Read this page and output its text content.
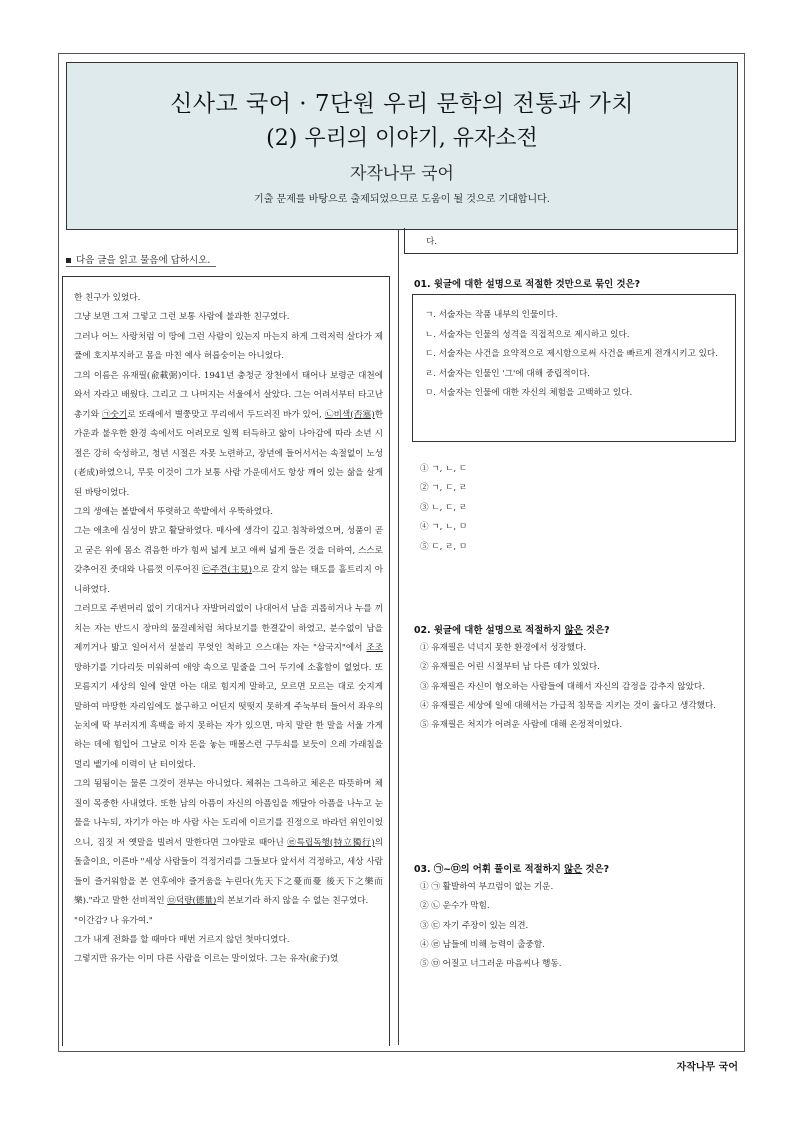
신사고 국어 · 7단원 우리 문학의 전통과 가치
(2) 우리의 이야기, 유자소전
자작나무 국어
기출 문제를 바탕으로 출제되었으므로 도움이 될 것으로 기대합니다.
다음 글을 읽고 물음에 답하시오.

한 친구가 있었다.

그냥 보면 그저 그렇고 그런 보통 사람에 불과한 친구였다.

그러나 어느 사랑처럼 이 땅에 그런 사람이 있는지 마는지 하게 그럭저럭 살다가 제풀에 호지부지하고 몸을 마친 예사 허릅숭이는 아니었다.

그의 이름은 유재필(兪載弼)이다. 1941년 충청군 장천에서 태어나 보령군 대천에 와서 자라고 배웠다. 그리고 그 나머지는 서울에서 살았다. 그는 어려서부터 타고난 총기와 ㉠숫기로 또래에서 별쭝맞고 무리에서 두드러진 바가 있어, ㉡비색(否塞)한 가운과 불우한 환경 속에서도 어려모로 일찍 터득하고 앎이 나아감에 따라 소년 시절은 강히 숙성하고, 청년 시절은 자못 노련하고, 장년에 들어서서는 속절없이 노성(老成)하였으니, 무릇 이것이 그가 보통 사람 가운데서도 항상 깨어 있는 삶을 살게 된 바탕이었다.

그의 생애는 볼밭에서 뚜렷하고 쑥밭에서 우뚝하였다.

그는 애초에 심성이 밝고 활달하였다. 매사에 생각이 깊고 침착하였으며, 성품이 곧고 굳은 위에 몸소 겪음한 바가 힘써 넓게 보고 애써 넓게 들은 것을 더하여, 스스로 갖추어진 줏대와 나름껏 이루어진 ㉢주견(主見)으로 갈지 않는 태도를 흩트리지 아니하였다.

그러므로 주변머리 없이 기대거나 자발머리없이 나대어서 남을 괴롭히거나 누를 끼치는 자는 반드시 장마의 물걸레처럼 쳐다보기를 한결같이 하였고, 분수없이 남을 제끼거나 밟고 일어서서 섣불리 무엇인 척하고 으스대는 자는 "삼국지"에서 조조 망하기를 기다리듯 미워하여 애양 속으로 밑줄을 그어 두기에 소홀함이 없었다. 또 모름지기 세상의 일에 알면 아는 대로 힘지게 말하고, 모르면 모르는 대로 숫지게 말하여 마땅한 자리임에도 불구하고 어딘지 떳떳지 못하게 주눅부터 들어서 좌우의 눈치에 딱 부러지게 흑백을 하지 못하는 자가 있으면, 마치 말란 한 말을 서울 가게 하는 데에 힘입어 그날로 이자 돈을 놓는 매몰스런 구두쇠를 보듯이 으레 가래침을 멀리 뱉기에 이력이 난 터이었다.

그의 됨됨이는 물론 그것이 전부는 아니었다. 체취는 그윽하고 체온은 따뜻하며 체질이 목중한 사내였다. 또한 남의 아픔이 자신의 아픔임을 깨달아 아픔을 나누고 눈물을 나누되, 자기가 아는 바 사람 사는 도리에 이르기를 진정으로 바라던 위인이었으니, 짐짓 저 옛말을 빌려서 말한다면 그야말로 때아닌 ㉣특립독행(特立獨行)의 돌출이요, 이른바 "세상 사람들이 걱정거리를 그들보다 앞서서 걱정하고, 세상 사람들이 즐거워함을 본 연후에야 즐거움을 누린다(先天下之憂而憂 後天下之樂而樂)."라고 말한 선비적인 ㉤덕량(德量)의 본보기라 하지 않을 수 없는 친구였다.

"이간감? 나 유가여."

그가 내게 전화를 할 때마다 매번 거르지 않던 첫마디였다.

그렇지만 유가는 이미 다른 사람을 이르는 말이었다. 그는 유자(兪子)였

다.
01. 윗글에 대한 설명으로 적절한 것만으로 묶인 것은?
ㄱ. 서술자는 작품 내부의 인물이다.
ㄴ. 서술자는 인물의 성격을 직접적으로 제시하고 있다.
ㄷ. 서술자는 사건을 요약적으로 제시함으로써 사건을 빠르게 전개시키고 있다.
ㄹ. 서술자는 인물인 '그'에 대해 중립적이다.
ㅁ. 서술자는 인물에 대한 자신의 체험을 고백하고 있다.
① ㄱ, ㄴ, ㄷ
② ㄱ, ㄷ, ㄹ
③ ㄴ, ㄷ, ㄹ
④ ㄱ, ㄴ, ㅁ
⑤ ㄷ, ㄹ, ㅁ
02. 윗글에 대한 설명으로 적절하지 않은 것은?
① 유재필은 넉넉지 못한 환경에서 성장했다.
② 유재필은 어린 시절부터 남 다른 데가 있었다.
③ 유재필은 자신이 혐오하는 사람들에 대해서 자신의 감정을 감추지 않았다.
④ 유재필은 세상에 일에 대해서는 가급적 침묵을 지키는 것이 옳다고 생각했다.
⑤ 유재필은 처지가 어려운 사람에 대해 온정적이었다.
03. ㉠~㉤의 어휘 풀이로 적절하지 않은 것은?
① ㉠ 활발하여 부끄럼이 없는 기운.
② ㉡ 운수가 막힘.
③ ㉢ 자기 주장이 있는 의견.
④ ㉣ 남들에 비해 능력이 출중함.
⑤ ㉤ 어질고 너그러운 마음씨나 행동.
자작나무 국어
